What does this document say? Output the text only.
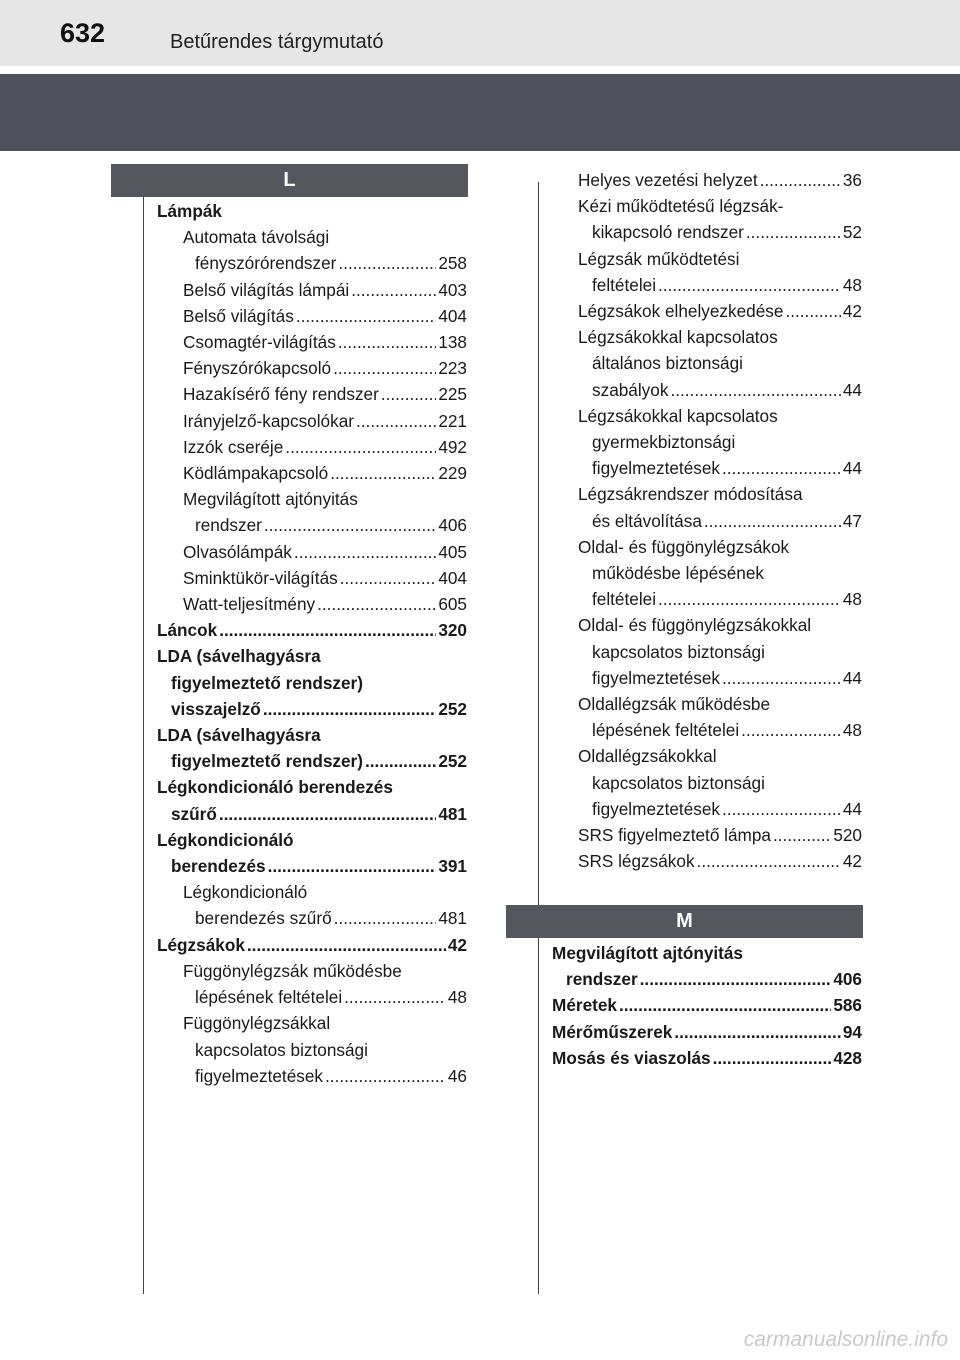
632	Betűrendes tárgymutató
L
Lámpák
Automata távolsági
fényszórórendszer .....	258
Belső világítás lámpái .....	403
Belső világítás .....	404
Csomagtér-világítás .....	138
Fényszórókapcsoló .....	223
Hazakísérő fény rendszer .....	225
Irányjelző-kapcsolókar .....	221
Izzók cseréje .....	492
Ködlámpakapcsoló .....	229
Megvilágított ajtónyitás
rendszer .....	406
Olvasólámpák .....	405
Sminktükör-világítás .....	404
Watt-teljesítmény .....	605
Láncok .....	320
LDA (sávelhagyásra
figyelmeztető rendszer)
visszajelző .....	252
LDA (sávelhagyásra
figyelmeztető rendszer) .....	252
Légkondicionáló berendezés
szűrő .....	481
Légkondicionáló
berendezés .....	391
Légkondicionáló
berendezés szűrő .....	481
Légzsákok .....	42
Függönylégzsák működésbe
lépésének feltételei .....	48
Függönylégzsákkal
kapcsolatos biztonsági
figyelmeztetések .....	46
Helyes vezetési helyzet .....	36
Kézi működtetésű légzsák-
kikapcsoló rendszer .....	52
Légzsák működtetési
feltételei .....	48
Légzsákok elhelyezkedése .....	42
Légzsákokkal kapcsolatos
általános biztonsági
szabályok .....	44
Légzsákokkal kapcsolatos
gyermekbiztonsági
figyelmeztetések .....	44
Légzsákrendszer módosítása
és eltávolítása .....	47
Oldal- és függönylégzsákok
működésbe lépésének
feltételei .....	48
Oldal- és függönylégzsákokkal
kapcsolatos biztonsági
figyelmeztetések .....	44
Oldallégzsák működésbe
lépésének feltételei .....	48
Oldallégzsákokkal
kapcsolatos biztonsági
figyelmeztetések .....	44
SRS figyelmeztető lámpa .....	520
SRS légzsákok .....	42
M
Megvilágított ajtónyitás
rendszer .....	406
Méretek .....	586
Mérőműszerek .....	94
Mosás és viaszolás .....	428
carmanualsonline.info
